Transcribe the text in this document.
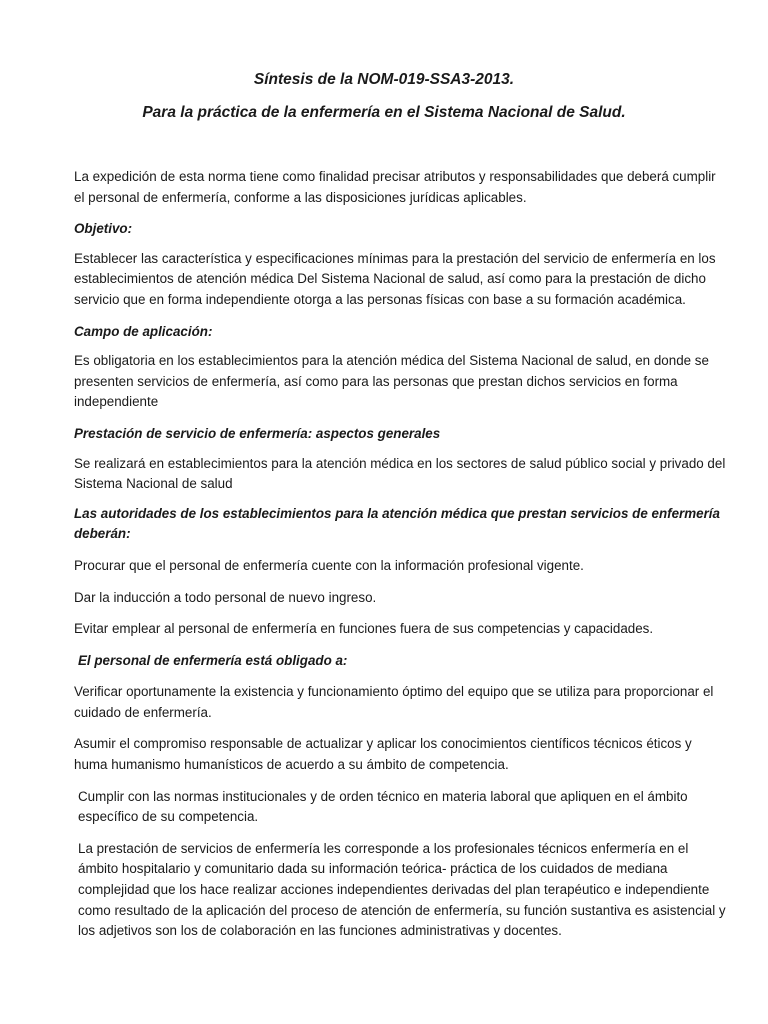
Síntesis de la NOM-019-SSA3-2013.
Para la práctica de la enfermería en el Sistema Nacional de Salud.

La expedición de esta norma tiene como finalidad precisar atributos y responsabilidades que deberá cumplir el personal de enfermería, conforme a las disposiciones jurídicas aplicables.

Objetivo:

Establecer las característica y especificaciones mínimas para la prestación del servicio de enfermería en los establecimientos de atención médica Del Sistema Nacional de salud, así como para la prestación de dicho servicio que en forma independiente otorga a las personas físicas con base a su formación académica.

Campo de aplicación:

Es obligatoria en los establecimientos para la atención médica del Sistema Nacional de salud, en donde se presenten servicios de enfermería, así como para las personas que prestan dichos servicios en forma independiente

Prestación de servicio de enfermería: aspectos generales

Se realizará en establecimientos para la atención médica en los sectores de salud público social y privado del Sistema Nacional de salud

Las autoridades de los establecimientos para la atención médica que prestan servicios de enfermería deberán:

Procurar que el personal de enfermería cuente con la información profesional vigente.

Dar la inducción a todo personal de nuevo ingreso.

Evitar emplear al personal de enfermería en funciones fuera de sus competencias y capacidades.

El personal de enfermería está obligado a:

Verificar oportunamente la existencia y funcionamiento óptimo del equipo que se utiliza para proporcionar el cuidado de enfermería.

Asumir el compromiso responsable de actualizar y aplicar los conocimientos científicos técnicos éticos y huma humanismo humanísticos de acuerdo a su ámbito de competencia.

Cumplir con las normas institucionales y de orden técnico en materia laboral que apliquen en el ámbito específico de su competencia.

La prestación de servicios de enfermería les corresponde a los profesionales técnicos enfermería en el ámbito hospitalario y comunitario dada su información teórica- práctica de los cuidados de mediana complejidad que los hace realizar acciones independientes derivadas del plan terapéutico e independiente como resultado de la aplicación del proceso de atención de enfermería, su función sustantiva es asistencial y los adjetivos son los de colaboración en las funciones administrativas y docentes.
